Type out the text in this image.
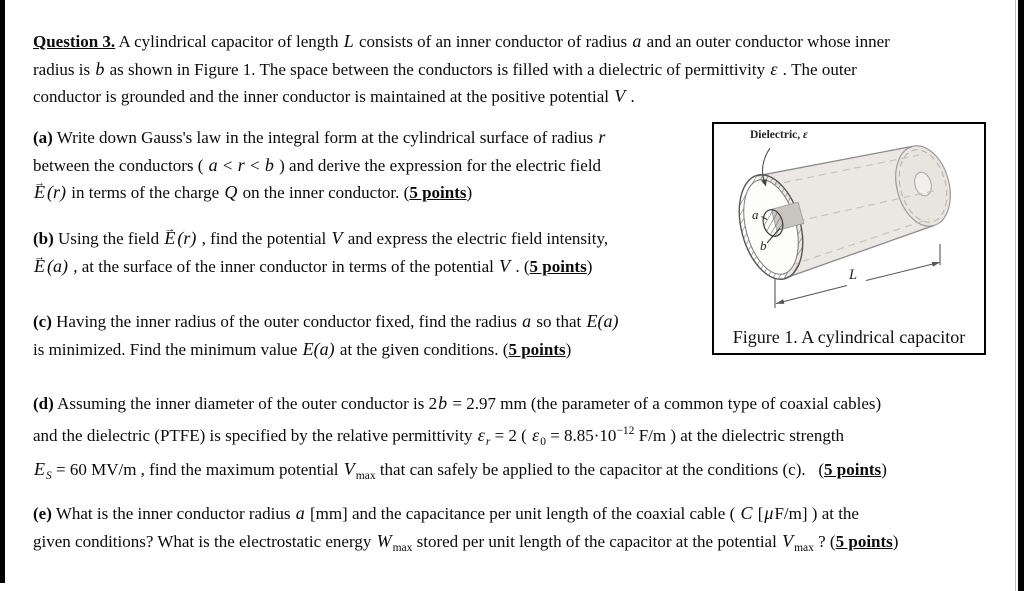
Question 3. A cylindrical capacitor of length L consists of an inner conductor of radius a and an outer conductor whose inner
radius is b as shown in Figure 1. The space between the conductors is filled with a dielectric of permittivity ε . The outer
conductor is grounded and the inner conductor is maintained at the positive potential V .
(a) Write down Gauss's law in the integral form at the cylindrical surface of radius r
between the conductors ( a < r < b ) and derive the expression for the electric field
E → (r) in terms of the charge Q on the inner conductor. (5 points)
(b) Using the field E → (r) , find the potential V and express the electric field intensity,
E → (a) , at the surface of the inner conductor in terms of the potential V . (5 points)
(c) Having the inner radius of the outer conductor fixed, find the radius a so that E(a)
is minimized. Find the minimum value E(a) at the given conditions. (5 points)
(d) Assuming the inner diameter of the outer conductor is 2b = 2.97 mm (the parameter of a common type of coaxial cables)
and the dielectric (PTFE) is specified by the relative permittivity $\varepsilon_r = 2$ ( $\varepsilon_0 = 8.85\cdot 10^{-12}$ F/m ) at the dielectric strength
$E_S = 60$ MV/m , find the maximum potential $V_{max}$ that can safely be applied to the capacitor at the conditions (c).   (5 points)
(e) What is the inner conductor radius a [mm] and the capacitance per unit length of the coaxial cable ( C [μF/m] ) at the
given conditions? What is the electrostatic energy $W_{max}$ stored per unit length of the capacitor at the potential $V_{max}$ ? (5 points)
Dielectric, ε
a
b
L
Figure 1. A cylindrical capacitor
